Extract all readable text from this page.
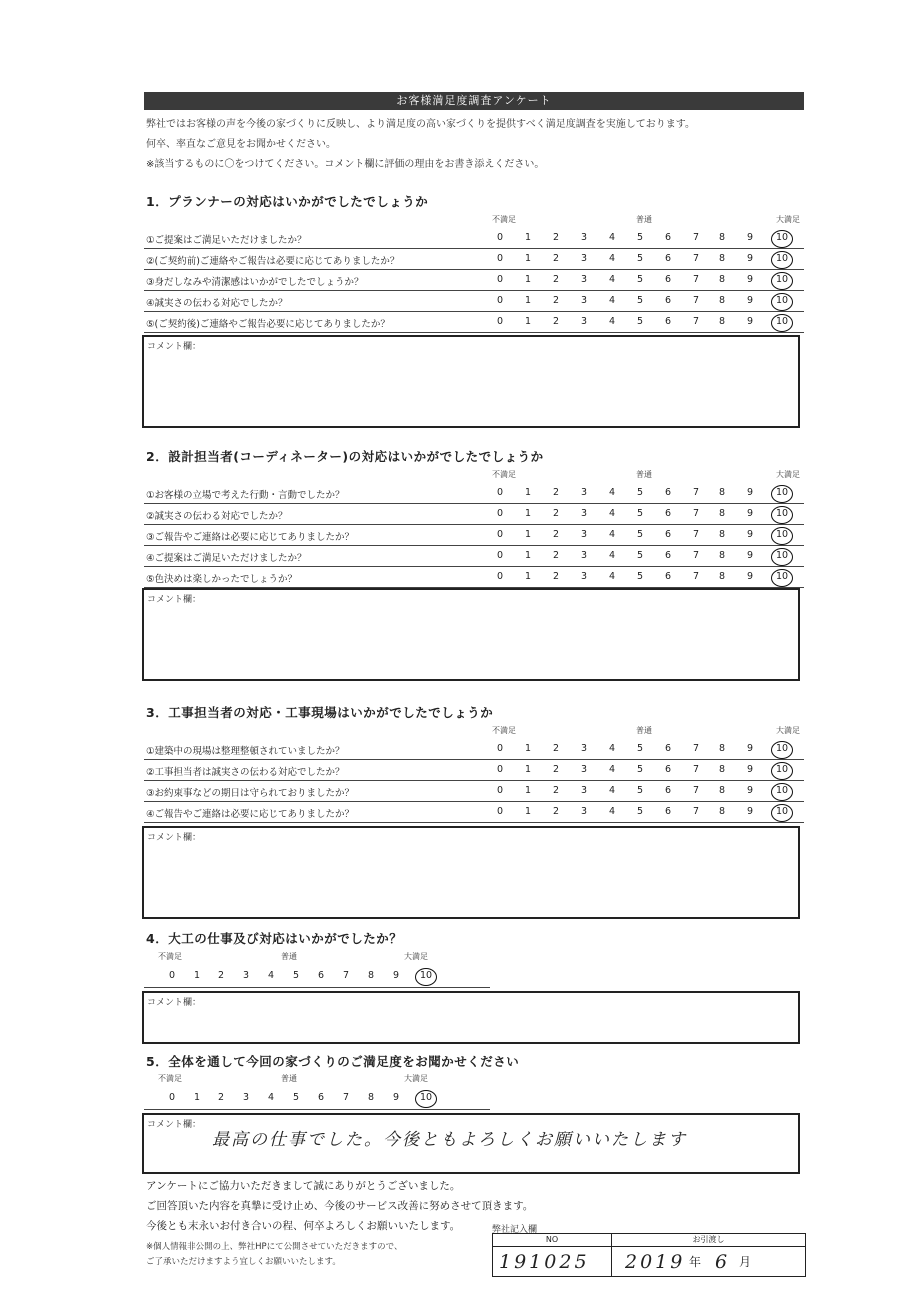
お客様満足度調査アンケート
弊社ではお客様の声を今後の家づくりに反映し、より満足度の高い家づくりを提供すべく満足度調査を実施しております。
何卒、率直なご意見をお聞かせください。
※該当するものに〇をつけてください。コメント欄に評価の理由をお書き添えください。
1．プランナーの対応はいかがでしたでしょうか
不満足	普通	大満足
①ご提案はご満足いただけましたか？	0	1	2	3	4	5	6	7	8	9	10
②(ご契約前)ご連絡やご報告は必要に応じてありましたか？	0	1	2	3	4	5	6	7	8	9	10
③身だしなみや清潔感はいかがでしたでしょうか？	0	1	2	3	4	5	6	7	8	9	10
④誠実さの伝わる対応でしたか？	0	1	2	3	4	5	6	7	8	9	10
⑤(ご契約後)ご連絡やご報告必要に応じてありましたか？	0	1	2	3	4	5	6	7	8	9	10
コメント欄：
2．設計担当者(コーディネーター)の対応はいかがでしたでしょうか
不満足	普通	大満足
①お客様の立場で考えた行動・言動でしたか？	0	1	2	3	4	5	6	7	8	9	10
②誠実さの伝わる対応でしたか？	0	1	2	3	4	5	6	7	8	9	10
③ご報告やご連絡は必要に応じてありましたか？	0	1	2	3	4	5	6	7	8	9	10
④ご提案はご満足いただけましたか？	0	1	2	3	4	5	6	7	8	9	10
⑤色決めは楽しかったでしょうか？	0	1	2	3	4	5	6	7	8	9	10
コメント欄：
3．工事担当者の対応・工事現場はいかがでしたでしょうか
不満足	普通	大満足
①建築中の現場は整理整頓されていましたか？	0	1	2	3	4	5	6	7	8	9	10
②工事担当者は誠実さの伝わる対応でしたか？	0	1	2	3	4	5	6	7	8	9	10
③お約束事などの期日は守られておりましたか？	0	1	2	3	4	5	6	7	8	9	10
④ご報告やご連絡は必要に応じてありましたか？	0	1	2	3	4	5	6	7	8	9	10
コメント欄：
4．大工の仕事及び対応はいかがでしたか？
不満足	普通	大満足
0	1	2	3	4	5	6	7	8	9	10
コメント欄：
5．全体を通して今回の家づくりのご満足度をお聞かせください
不満足	普通	大満足
0	1	2	3	4	5	6	7	8	9	10
コメント欄：
最高の仕事でした。今後ともよろしくお願いいたします
アンケートにご協力いただきまして誠にありがとうございました。
ご回答頂いた内容を真摯に受け止め、今後のサービス改善に努めさせて頂きます。
今後とも末永いお付き合いの程、何卒よろしくお願いいたします。
※個人情報非公開の上、弊社HPにて公開させていただきますので、
ご了承いただけますよう宜しくお願いいたします。
弊社記入欄
NO	お引渡し
191025 2019 年 6 月
